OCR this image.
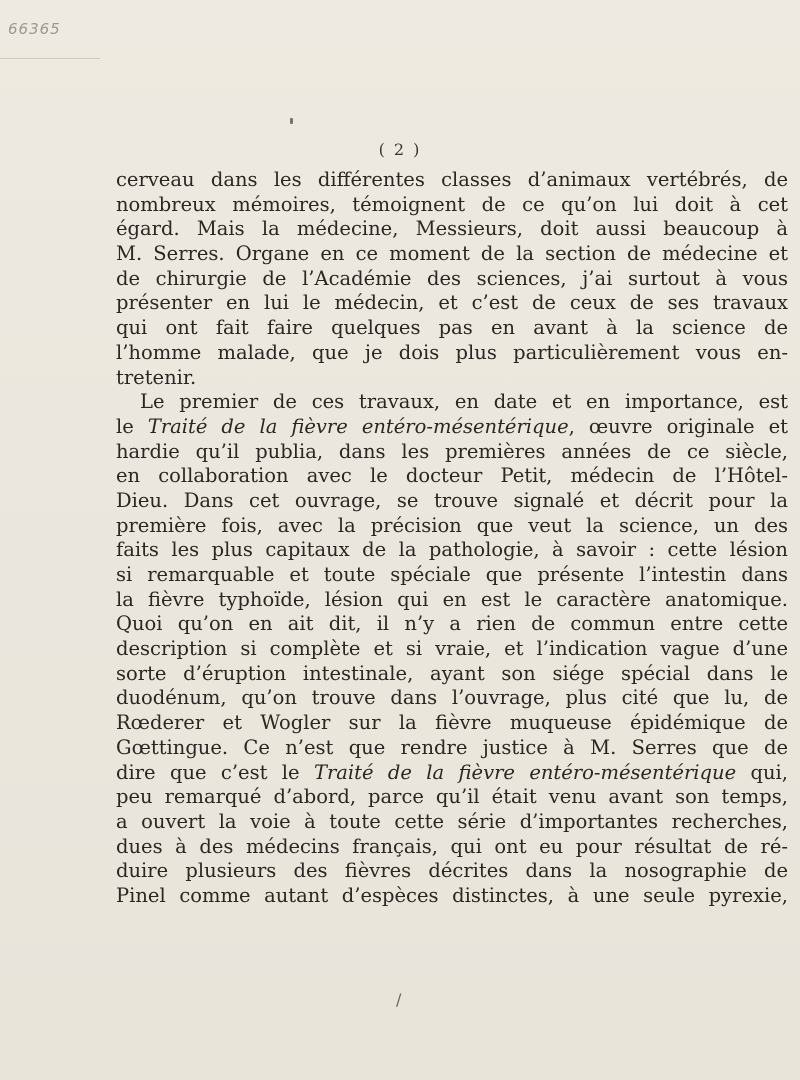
66365
( 2 )
cerveau dans les différentes classes d’animaux vertébrés, de
nombreux mémoires, témoignent de ce qu’on lui doit à cet
égard. Mais la médecine, Messieurs, doit aussi beaucoup à
M. Serres. Organe en ce moment de la section de médecine et
de chirurgie de l’Académie des sciences, j’ai surtout à vous
présenter en lui le médecin, et c’est de ceux de ses travaux
qui ont fait faire quelques pas en avant à la science de
l’homme malade, que je dois plus particulièrement vous en-
tretenir.
Le premier de ces travaux, en date et en importance, est
le Traité de la fièvre entéro-mésentérique, œuvre originale et
hardie qu’il publia, dans les premières années de ce siècle,
en collaboration avec le docteur Petit, médecin de l’Hôtel-
Dieu. Dans cet ouvrage, se trouve signalé et décrit pour la
première fois, avec la précision que veut la science, un des
faits les plus capitaux de la pathologie, à savoir : cette lésion
si remarquable et toute spéciale que présente l’intestin dans
la fièvre typhoïde, lésion qui en est le caractère anatomique.
Quoi qu’on en ait dit, il n’y a rien de commun entre cette
description si complète et si vraie, et l’indication vague d’une
sorte d’éruption intestinale, ayant son siége spécial dans le
duodénum, qu’on trouve dans l’ouvrage, plus cité que lu, de
Rœderer et Wogler sur la fièvre muqueuse épidémique de
Gœttingue. Ce n’est que rendre justice à M. Serres que de
dire que c’est le Traité de la fièvre entéro-mésentérique qui,
peu remarqué d’abord, parce qu’il était venu avant son temps,
a ouvert la voie à toute cette série d’importantes recherches,
dues à des médecins français, qui ont eu pour résultat de ré-
duire plusieurs des fièvres décrites dans la nosographie de
Pinel comme autant d’espèces distinctes, à une seule pyrexie,
/
